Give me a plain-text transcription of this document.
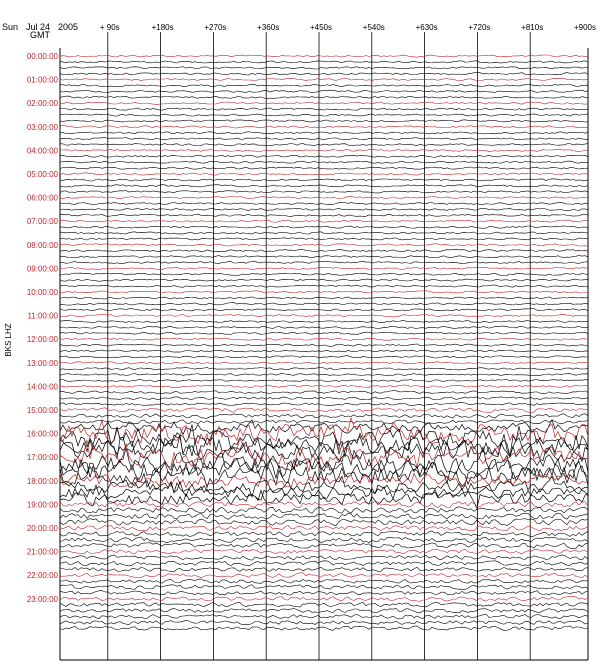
Sun Jul 24 2005
GMT
BKS LHZ
+ 90s	+180s	+270s	+360s	+450s	+540s	+630s	+720s	+810s	+900s
00:00:00
01:00:00
02:00:00
03:00:00
04:00:00
05:00:00
06:00:00
07:00:00
08:00:00
09:00:00
10:00:00
11:00:00
12:00:00
13:00:00
14:00:00
15:00:00
16:00:00
17:00:00
18:00:00
19:00:00
20:00:00
21:00:00
22:00:00
23:00:00
